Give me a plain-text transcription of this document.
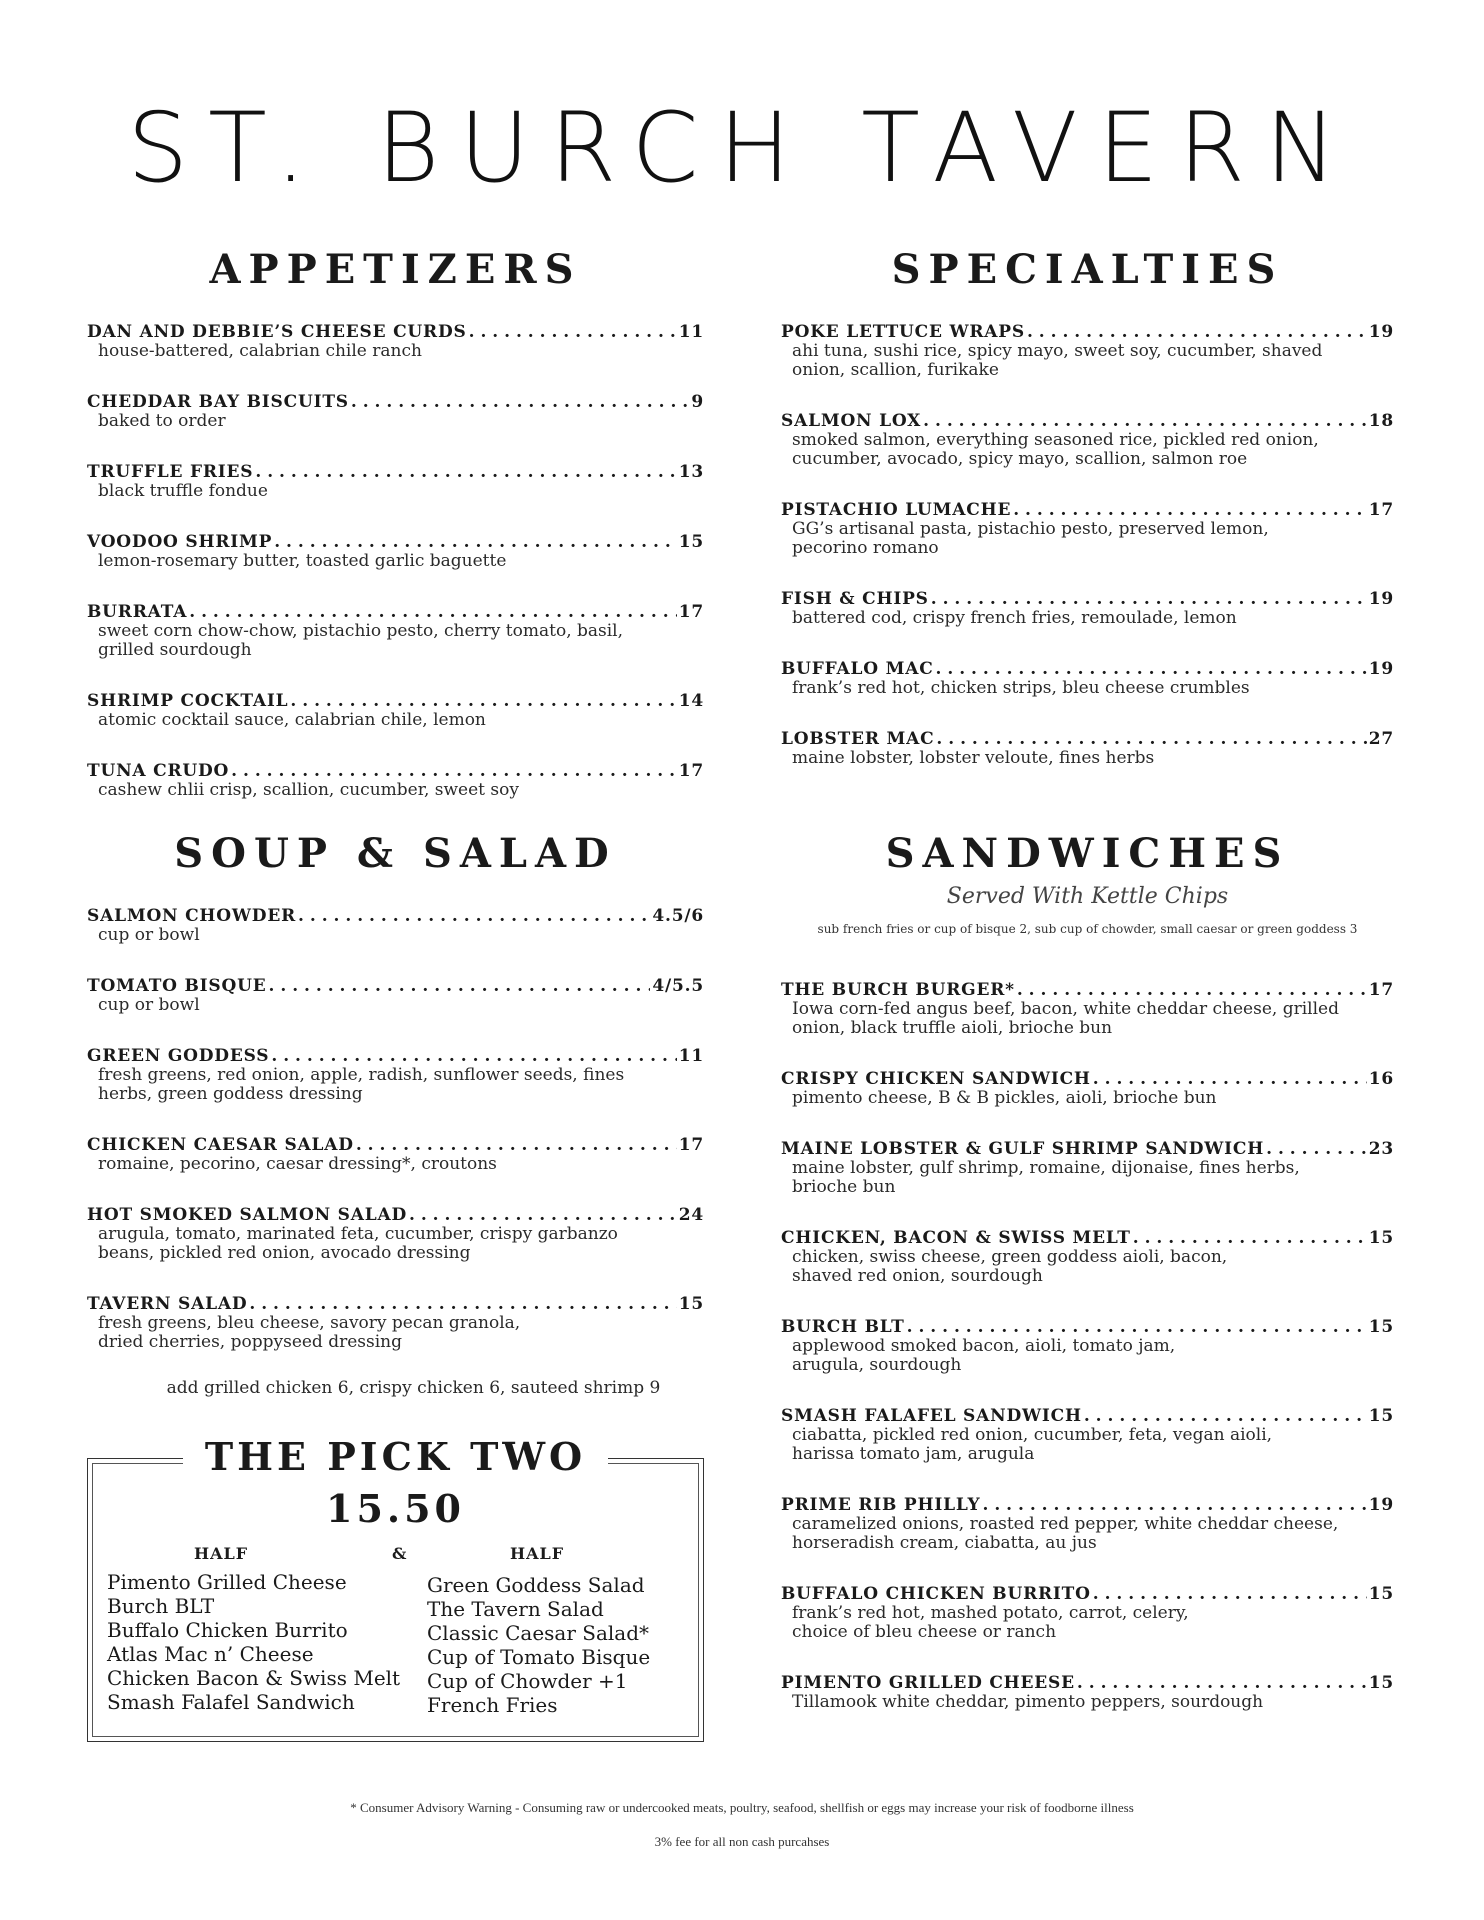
ST. BURCH TAVERN
APPETIZERS
DAN AND DEBBIE’S CHEESE CURDS . . .	11
house-battered, calabrian chile ranch
CHEDDAR BAY BISCUITS . . .	9
baked to order
TRUFFLE FRIES . . .	13
black truffle fondue
VOODOO SHRIMP . . .	15
lemon-rosemary butter, toasted garlic baguette
BURRATA . . .	17
sweet corn chow-chow, pistachio pesto, cherry tomato, basil,
grilled sourdough
SHRIMP COCKTAIL . . .	14
atomic cocktail sauce, calabrian chile, lemon
TUNA CRUDO . . .	17
cashew chlii crisp, scallion, cucumber, sweet soy
SOUP & SALAD
SALMON CHOWDER . . .	4.5/6
cup or bowl
TOMATO BISQUE . . .	4/5.5
cup or bowl
GREEN GODDESS . . .	11
fresh greens, red onion, apple, radish, sunflower seeds, fines
herbs, green goddess dressing
CHICKEN CAESAR SALAD . . .	17
romaine, pecorino, caesar dressing*, croutons
HOT SMOKED SALMON SALAD . . .	24
arugula, tomato, marinated feta, cucumber, crispy garbanzo
beans, pickled red onion, avocado dressing
TAVERN SALAD . . .	15
fresh greens, bleu cheese, savory pecan granola,
dried cherries, poppyseed dressing
add grilled chicken 6, crispy chicken 6, sauteed shrimp 9
THE PICK TWO
15.50
HALF	&	HALF
Pimento Grilled Cheese
Burch BLT
Buffalo Chicken Burrito
Atlas Mac n’ Cheese
Chicken Bacon & Swiss Melt
Smash Falafel Sandwich
Green Goddess Salad
The Tavern Salad
Classic Caesar Salad*
Cup of Tomato Bisque
Cup of Chowder +1
French Fries
SPECIALTIES
POKE LETTUCE WRAPS . . .	19
ahi tuna, sushi rice, spicy mayo, sweet soy, cucumber, shaved
onion, scallion, furikake
SALMON LOX . . .	18
smoked salmon, everything seasoned rice, pickled red onion,
cucumber, avocado, spicy mayo, scallion, salmon roe
PISTACHIO LUMACHE . . .	17
GG’s artisanal pasta, pistachio pesto, preserved lemon,
pecorino romano
FISH & CHIPS . . .	19
battered cod, crispy french fries, remoulade, lemon
BUFFALO MAC . . .	19
frank’s red hot, chicken strips, bleu cheese crumbles
LOBSTER MAC . . .	27
maine lobster, lobster veloute, fines herbs
SANDWICHES
Served With Kettle Chips
sub french fries or cup of bisque 2, sub cup of chowder, small caesar or green goddess 3
THE BURCH BURGER* . . .	17
Iowa corn-fed angus beef, bacon, white cheddar cheese, grilled
onion, black truffle aioli, brioche bun
CRISPY CHICKEN SANDWICH . . .	16
pimento cheese, B & B pickles, aioli, brioche bun
MAINE LOBSTER & GULF SHRIMP SANDWICH . . .	23
maine lobster, gulf shrimp, romaine, dijonaise, fines herbs,
brioche bun
CHICKEN, BACON & SWISS MELT . . .	15
chicken, swiss cheese, green goddess aioli, bacon,
shaved red onion, sourdough
BURCH BLT . . .	15
applewood smoked bacon, aioli, tomato jam,
arugula, sourdough
SMASH FALAFEL SANDWICH . . .	15
ciabatta, pickled red onion, cucumber, feta, vegan aioli,
harissa tomato jam, arugula
PRIME RIB PHILLY . . .	19
caramelized onions, roasted red pepper, white cheddar cheese,
horseradish cream, ciabatta, au jus
BUFFALO CHICKEN BURRITO . . .	15
frank’s red hot, mashed potato, carrot, celery,
choice of bleu cheese or ranch
PIMENTO GRILLED CHEESE . . .	15
Tillamook white cheddar, pimento peppers, sourdough
* Consumer Advisory Warning - Consuming raw or undercooked meats, poultry, seafood, shellfish or eggs may increase your risk of foodborne illness
3% fee for all non cash purcahses
